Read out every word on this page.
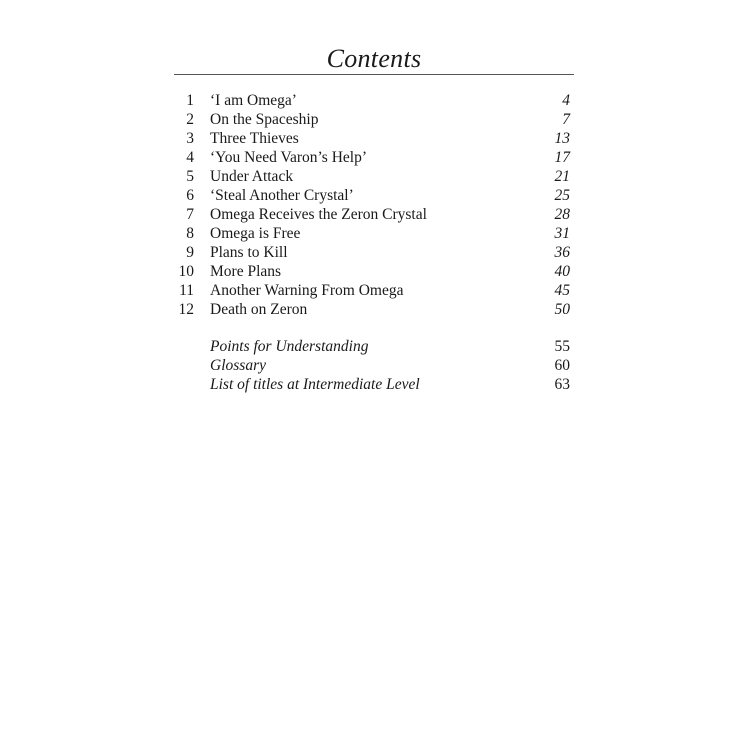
Contents
1 ‘I am Omega’	4
2 On the Spaceship	7
3 Three Thieves	13
4 ‘You Need Varon’s Help’	17
5 Under Attack	21
6 ‘Steal Another Crystal’	25
7 Omega Receives the Zeron Crystal	28
8 Omega is Free	31
9 Plans to Kill	36
10 More Plans	40
11 Another Warning From Omega	45
12 Death on Zeron	50
Points for Understanding	55
Glossary	60
List of titles at Intermediate Level	63
